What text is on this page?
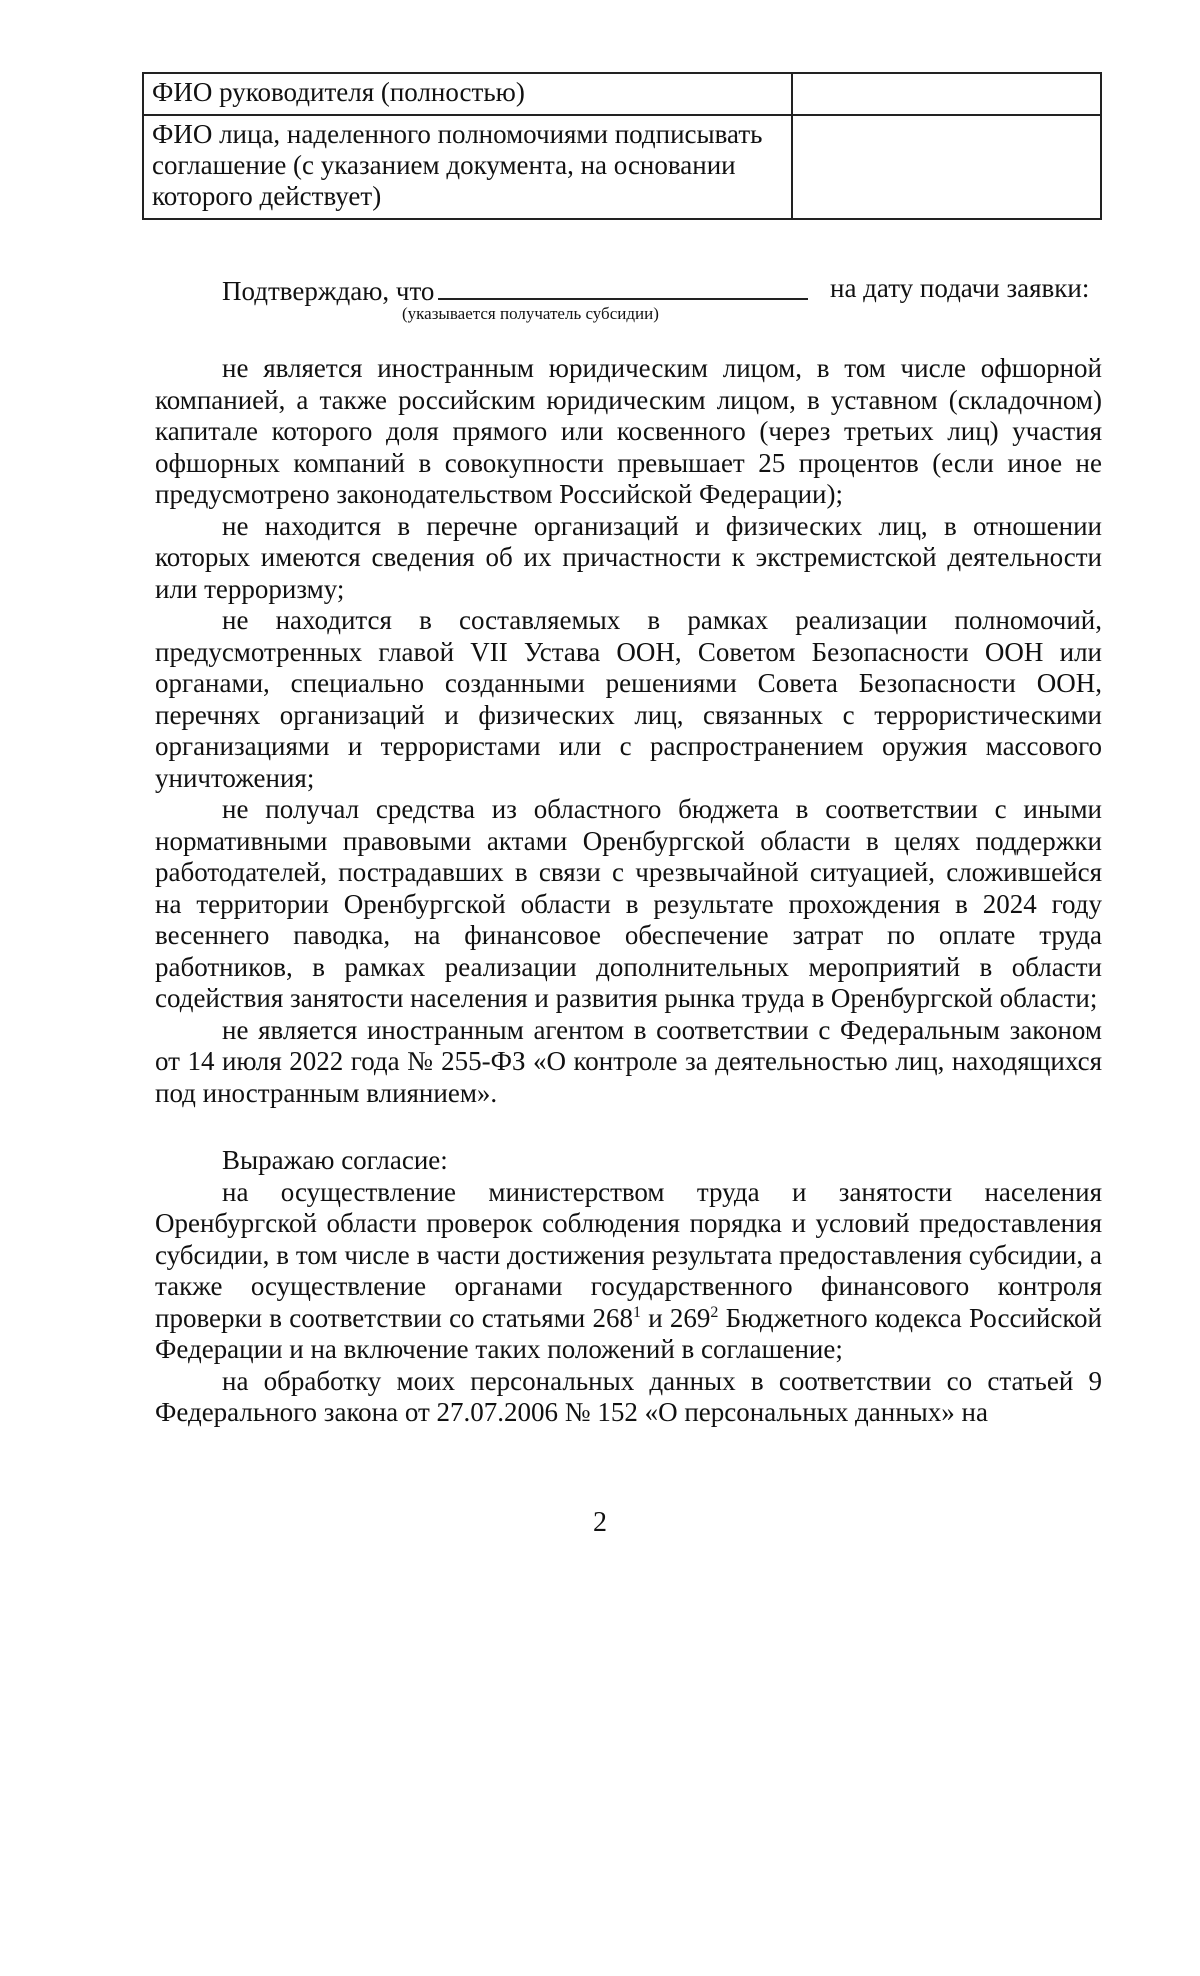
ФИО руководителя (полностью)	
ФИО лица, наделенного полномочиями подписывать соглашение (с указанием документа, на основании которого действует)	
Подтверждаю, что	на дату подачи заявки:
(указывается получатель субсидии)

не является иностранным юридическим лицом, в том числе офшорной компанией, а также российским юридическим лицом, в уставном (складочном) капитале которого доля прямого или косвенного (через третьих лиц) участия офшорных компаний в совокупности превышает 25 процентов (если иное не предусмотрено законодательством Российской Федерации);

не находится в перечне организаций и физических лиц, в отношении которых имеются сведения об их причастности к экстремистской деятельности или терроризму;

не находится в составляемых в рамках реализации полномочий, предусмотренных главой VII Устава ООН, Советом Безопасности ООН или органами, специально созданными решениями Совета Безопасности ООН, перечнях организаций и физических лиц, связанных с террористическими организациями и террористами или с распространением оружия массового уничтожения;

не получал средства из областного бюджета в соответствии с иными нормативными правовыми актами Оренбургской области в целях поддержки работодателей, пострадавших в связи с чрезвычайной ситуацией, сложившейся на территории Оренбургской области в результате прохождения в 2024 году весеннего паводка, на финансовое обеспечение затрат по оплате труда работников, в рамках реализации дополнительных мероприятий в области содействия занятости населения и развития рынка труда в Оренбургской области;

не является иностранным агентом в соответствии с Федеральным законом от 14 июля 2022 года № 255-ФЗ «О контроле за деятельностью лиц, находящихся под иностранным влиянием».

Выражаю согласие:

на осуществление министерством труда и занятости населения Оренбургской области проверок соблюдения порядка и условий предоставления субсидии, в том числе в части достижения результата предоставления субсидии, а также осуществление органами государственного финансового контроля проверки в соответствии со статьями $268^1$ и $269^2$ Бюджетного кодекса Российской Федерации и на включение таких положений в соглашение;

на обработку моих персональных данных в соответствии со статьей 9 Федерального закона от 27.07.2006 № 152 «О персональных данных» на

2
